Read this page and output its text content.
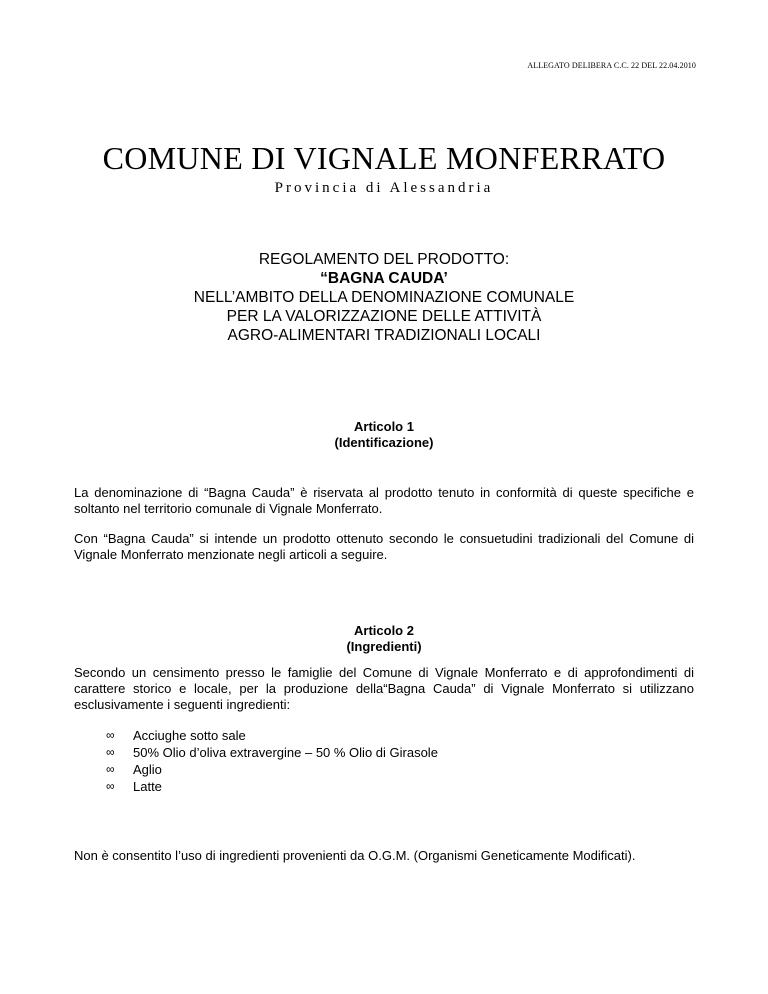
ALLEGATO DELIBERA C.C. 22 DEL 22.04.2010
COMUNE DI VIGNALE MONFERRATO
Provincia di Alessandria
REGOLAMENTO DEL PRODOTTO:
“BAGNA CAUDA’
NELL’AMBITO DELLA DENOMINAZIONE COMUNALE
PER LA VALORIZZAZIONE DELLE ATTIVITÀ
AGRO-ALIMENTARI TRADIZIONALI LOCALI
Articolo 1
(Identificazione)
La denominazione di “Bagna Cauda” è riservata al prodotto tenuto in conformità di queste specifiche e soltanto nel territorio comunale di Vignale Monferrato.
Con “Bagna Cauda” si intende un prodotto ottenuto secondo le consuetudini tradizionali del Comune di Vignale Monferrato menzionate negli articoli a seguire.
Articolo 2
(Ingredienti)
Secondo un censimento presso le famiglie del Comune di Vignale Monferrato e di approfondimenti di carattere storico e locale, per la produzione della“Bagna Cauda” di Vignale Monferrato si utilizzano esclusivamente i seguenti ingredienti:
∞ Acciughe sotto sale
∞ 50% Olio d’oliva extravergine – 50 % Olio di Girasole
∞ Aglio
∞ Latte
Non è consentito l’uso di ingredienti provenienti da O.G.M. (Organismi Geneticamente Modificati).
